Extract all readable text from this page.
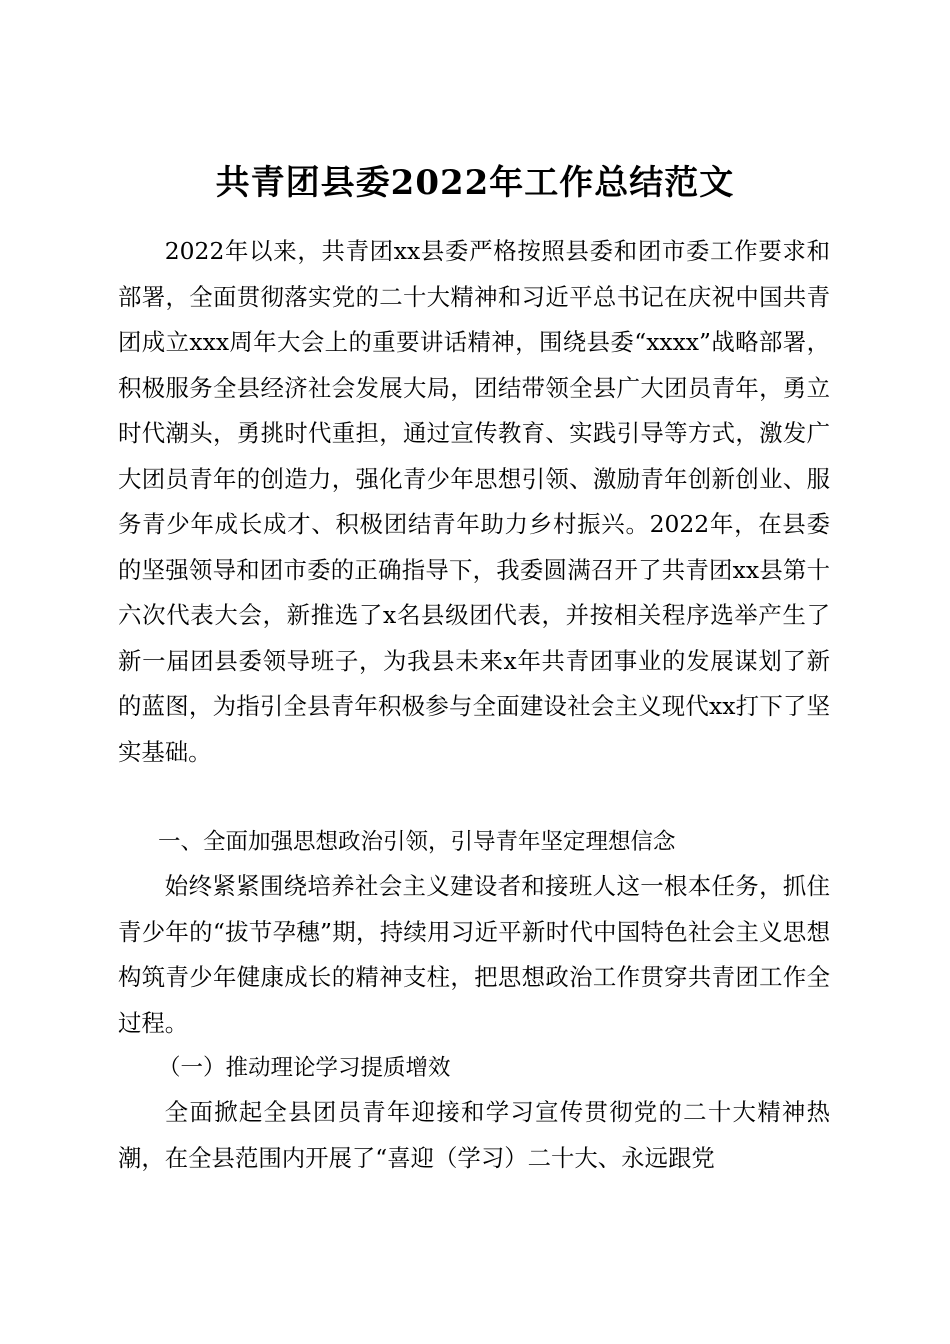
共青团县委2022年工作总结范文

2022年以来，共青团xx县委严格按照县委和团市委工作要求和部署，全面贯彻落实党的二十大精神和习近平总书记在庆祝中国共青团成立xxx周年大会上的重要讲话精神，围绕县委“xxxx”战略部署，积极服务全县经济社会发展大局，团结带领全县广大团员青年，勇立时代潮头，勇挑时代重担，通过宣传教育、实践引导等方式，激发广大团员青年的创造力，强化青少年思想引领、激励青年创新创业、服务青少年成长成才、积极团结青年助力乡村振兴。2022年，在县委的坚强领导和团市委的正确指导下，我委圆满召开了共青团xx县第十六次代表大会，新推选了x名县级团代表，并按相关程序选举产生了新一届团县委领导班子，为我县未来x年共青团事业的发展谋划了新的蓝图，为指引全县青年积极参与全面建设社会主义现代xx打下了坚实基础。

一、全面加强思想政治引领，引导青年坚定理想信念

始终紧紧围绕培养社会主义建设者和接班人这一根本任务，抓住青少年的“拔节孕穗”期，持续用习近平新时代中国特色社会主义思想构筑青少年健康成长的精神支柱，把思想政治工作贯穿共青团工作全过程。

（一）推动理论学习提质增效

全面掀起全县团员青年迎接和学习宣传贯彻党的二十大精神热潮，在全县范围内开展了“喜迎（学习）二十大、永远跟党
